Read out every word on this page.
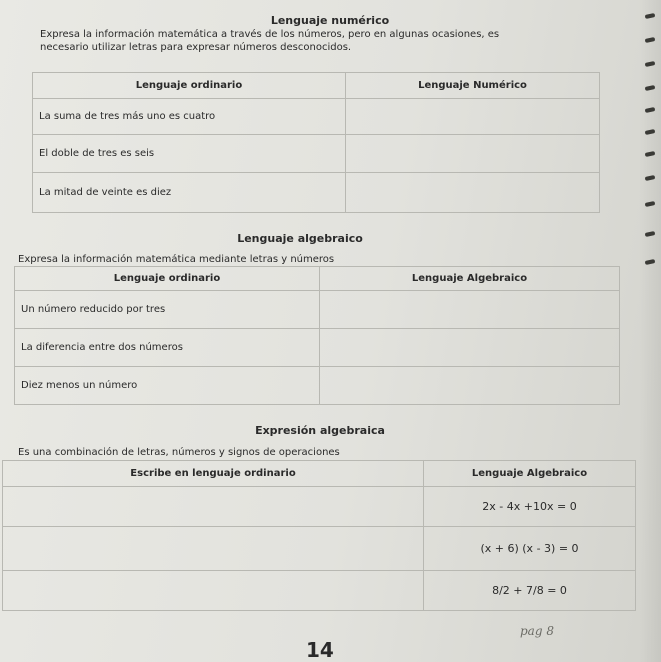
Lenguaje numérico
Expresa la información matemática a través de los números, pero en algunas ocasiones, es
necesario utilizar letras para expresar números desconocidos.
Lenguaje ordinario	Lenguaje Numérico
La suma de tres más uno es cuatro	
El doble de tres es seis	
La mitad de veinte es diez	
Lenguaje algebraico
Expresa la información matemática mediante letras y números
Lenguaje ordinario	Lenguaje Algebraico
Un número reducido por tres	
La diferencia entre dos números	
Diez menos un número	
Expresión algebraica
Es una combinación de letras, números y signos de operaciones
Escribe en lenguaje ordinario	Lenguaje Algebraico
	2x - 4x +10x = 0
	(x + 6) (x - 3) = 0
	8/2 + 7/8 = 0
14
pag 8
